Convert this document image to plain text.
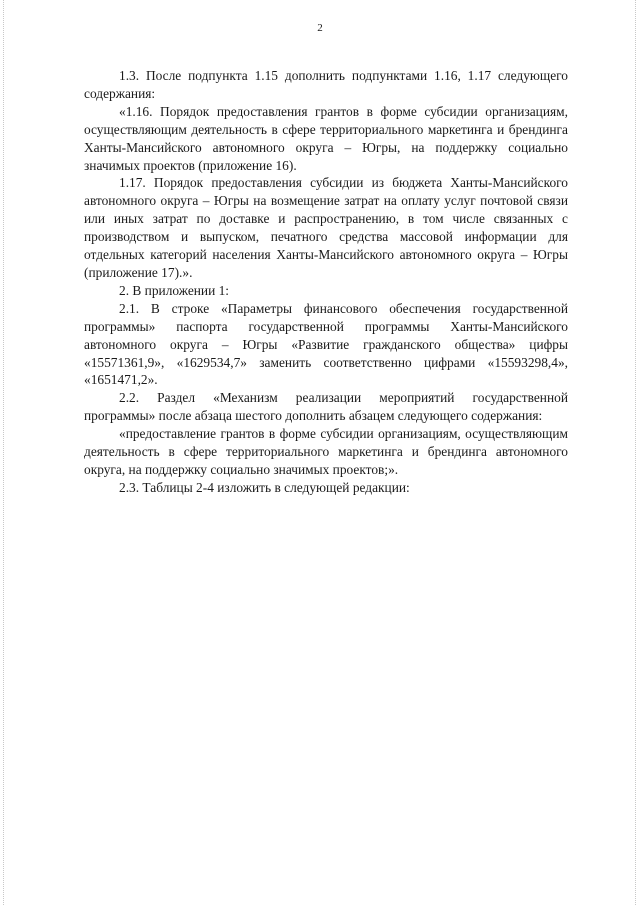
2

1.3. После подпункта 1.15 дополнить подпунктами 1.16, 1.17 следующего содержания:

«1.16. Порядок предоставления грантов в форме субсидии организациям, осуществляющим деятельность в сфере территориального маркетинга и брендинга Ханты-Мансийского автономного округа – Югры, на поддержку социально значимых проектов (приложение 16).

1.17. Порядок предоставления субсидии из бюджета Ханты-Мансийского автономного округа – Югры на возмещение затрат на оплату услуг почтовой связи или иных затрат по доставке и распространению, в том числе связанных с производством и выпуском, печатного средства массовой информации для отдельных категорий населения Ханты-Мансийского автономного округа – Югры (приложение 17).».

2. В приложении 1:

2.1. В строке «Параметры финансового обеспечения государственной программы» паспорта государственной программы Ханты-Мансийского автономного округа – Югры «Развитие гражданского общества» цифры «15571361,9», «1629534,7» заменить соответственно цифрами «15593298,4», «1651471,2».

2.2. Раздел «Механизм реализации мероприятий государственной программы» после абзаца шестого дополнить абзацем следующего содержания:

«предоставление грантов в форме субсидии организациям, осуществляющим деятельность в сфере территориального маркетинга и брендинга автономного округа, на поддержку социально значимых проектов;».

2.3. Таблицы 2-4 изложить в следующей редакции:
